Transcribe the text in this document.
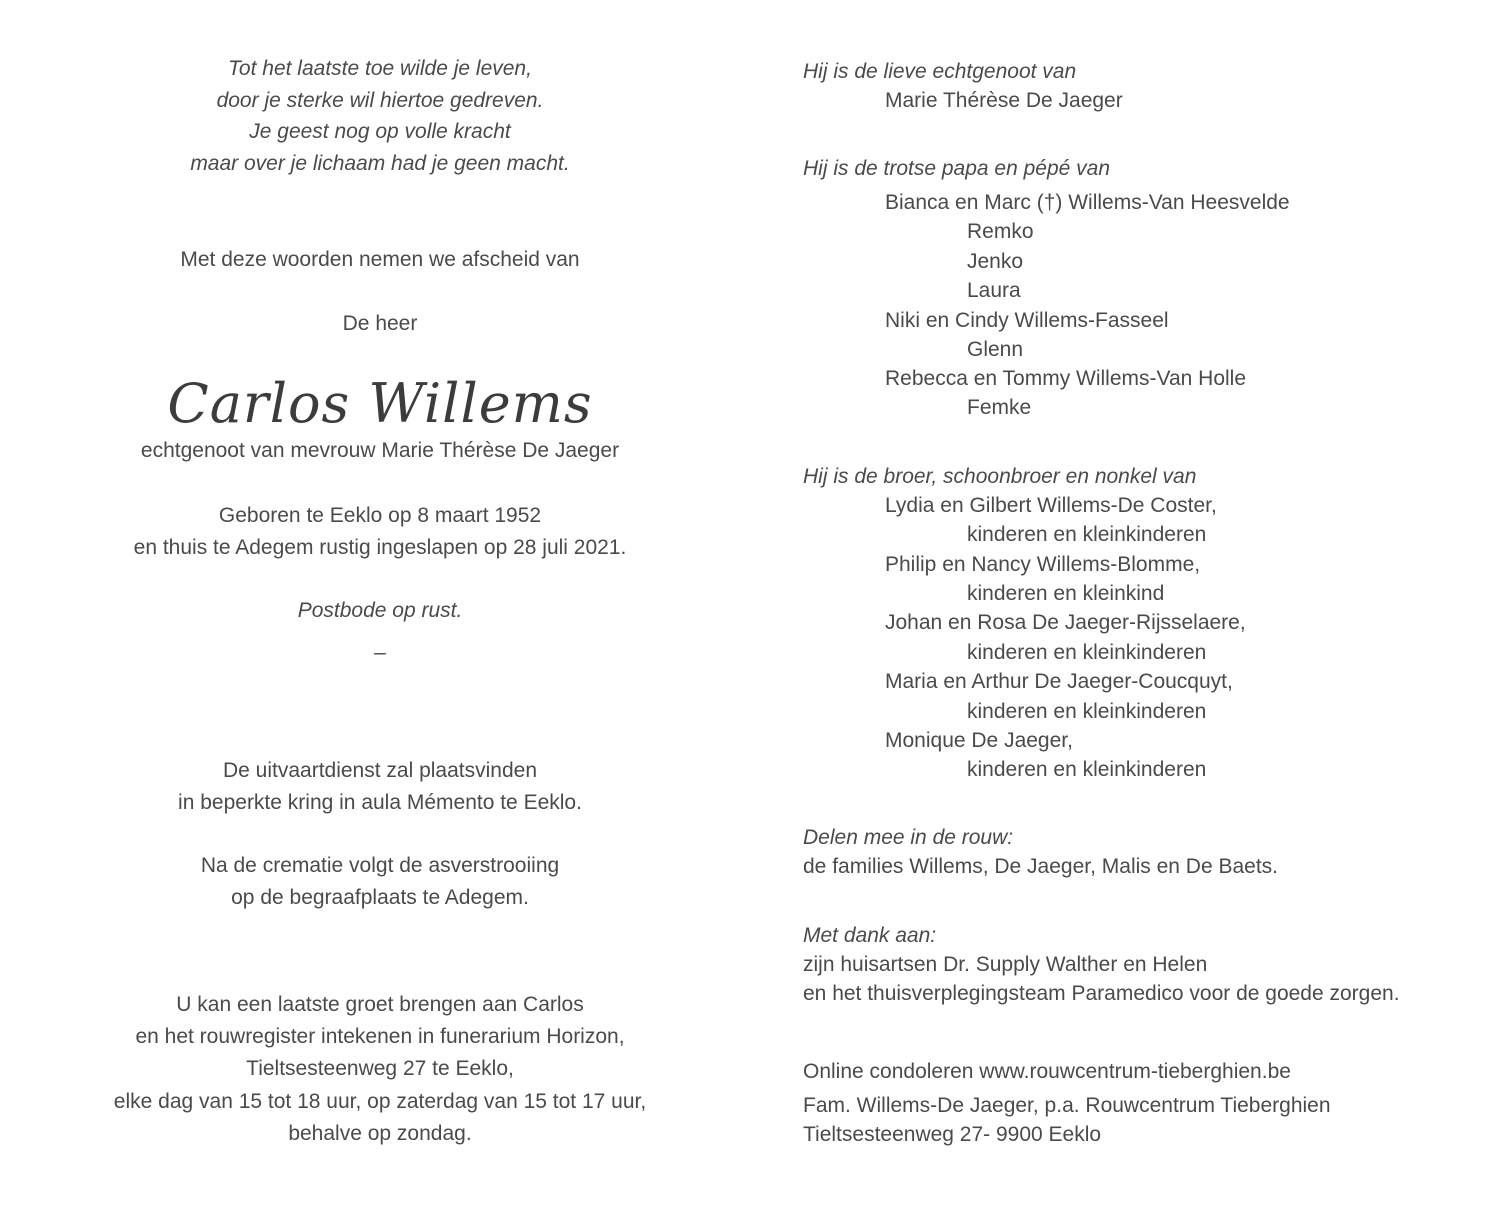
Tot het laatste toe wilde je leven,
door je sterke wil hiertoe gedreven.
Je geest nog op volle kracht
maar over je lichaam had je geen macht.
Met deze woorden nemen we afscheid van
De heer
Carlos Willems
echtgenoot van mevrouw Marie Thérèse De Jaeger
Geboren te Eeklo op 8 maart 1952
en thuis te Adegem rustig ingeslapen op 28 juli 2021.
Postbode op rust.
–
De uitvaartdienst zal plaatsvinden
in beperkte kring in aula Mémento te Eeklo.
Na de crematie volgt de asverstrooiing
op de begraafplaats te Adegem.
U kan een laatste groet brengen aan Carlos
en het rouwregister intekenen in funerarium Horizon,
Tieltsesteenweg 27 te Eeklo,
elke dag van 15 tot 18 uur, op zaterdag van 15 tot 17 uur,
behalve op zondag.
Hij is de lieve echtgenoot van
Marie Thérèse De Jaeger
Hij is de trotse papa en pépé van
Bianca en Marc (†) Willems-Van Heesvelde
Remko
Jenko
Laura
Niki en Cindy Willems-Fasseel
Glenn
Rebecca en Tommy Willems-Van Holle
Femke
Hij is de broer, schoonbroer en nonkel van
Lydia en Gilbert Willems-De Coster,
kinderen en kleinkinderen
Philip en Nancy Willems-Blomme,
kinderen en kleinkind
Johan en Rosa De Jaeger-Rijsselaere,
kinderen en kleinkinderen
Maria en Arthur De Jaeger-Coucquyt,
kinderen en kleinkinderen
Monique De Jaeger,
kinderen en kleinkinderen
Delen mee in de rouw:
de families Willems, De Jaeger, Malis en De Baets.
Met dank aan:
zijn huisartsen Dr. Supply Walther en Helen
en het thuisverplegingsteam Paramedico voor de goede zorgen.
Online condoleren www.rouwcentrum-tieberghien.be
Fam. Willems-De Jaeger, p.a. Rouwcentrum Tieberghien
Tieltsesteenweg 27- 9900 Eeklo
